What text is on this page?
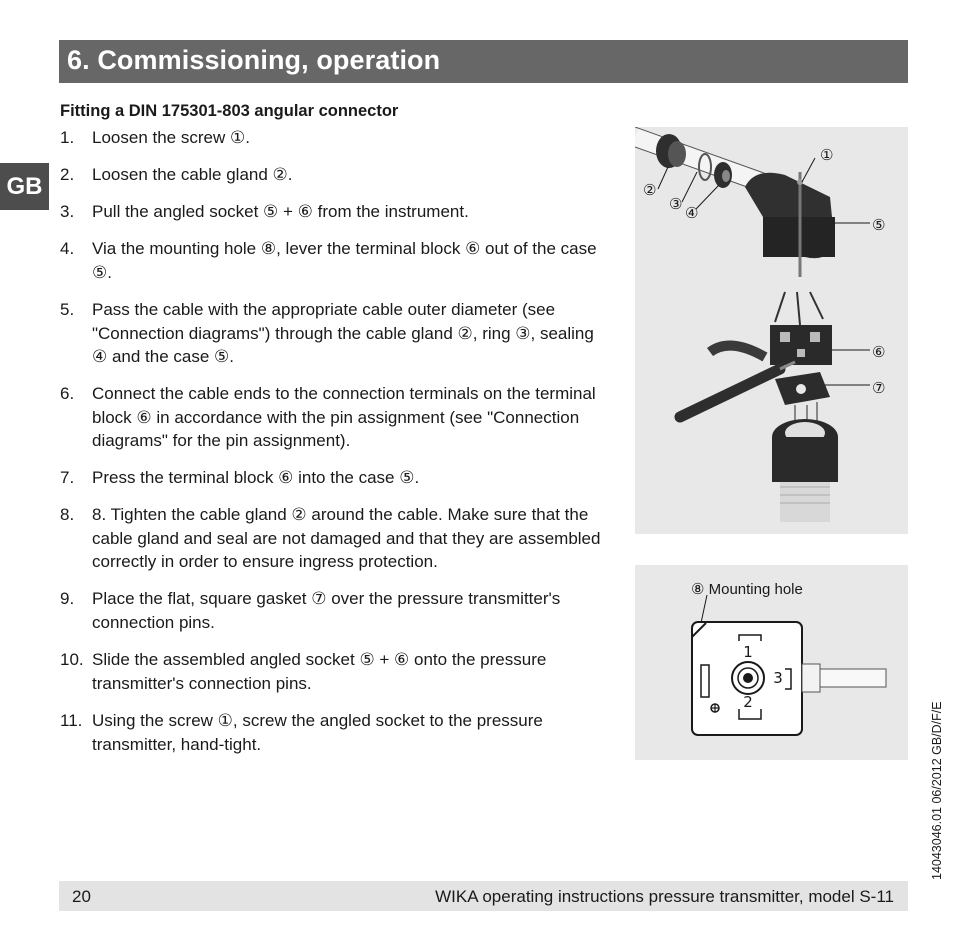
6. Commissioning, operation
GB
Fitting a DIN 175301-803 angular connector
1. Loosen the screw ①.
2. Loosen the cable gland ②.
3. Pull the angled socket ⑤ + ⑥ from the instrument.
4. Via the mounting hole ⑧, lever the terminal block ⑥ out of the case ⑤.
5. Pass the cable with the appropriate cable outer diameter (see "Connection diagrams") through the cable gland ②, ring ③, sealing ④ and the case ⑤.
6. Connect the cable ends to the connection terminals on the terminal block ⑥ in accordance with the pin assignment (see "Connection diagrams" for the pin assignment).
7. Press the terminal block ⑥ into the case ⑤.
8. 8. Tighten the cable gland ② around the cable. Make sure that the cable gland and seal are not damaged and that they are assembled correctly in order to ensure ingress protection.
9. Place the flat, square gasket ⑦ over the pressure transmitter's connection pins.
10. Slide the assembled angled socket ⑤ + ⑥ onto the pressure transmitter's connection pins.
11. Using the screw ①, screw the angled socket to the pressure transmitter, hand-tight.
①
②
③ ④
⑤
⑥
⑦
⑧ Mounting hole
1
2
3
20	WIKA operating instructions pressure transmitter, model S-11
14043046.01 06/2012 GB/D/F/E
